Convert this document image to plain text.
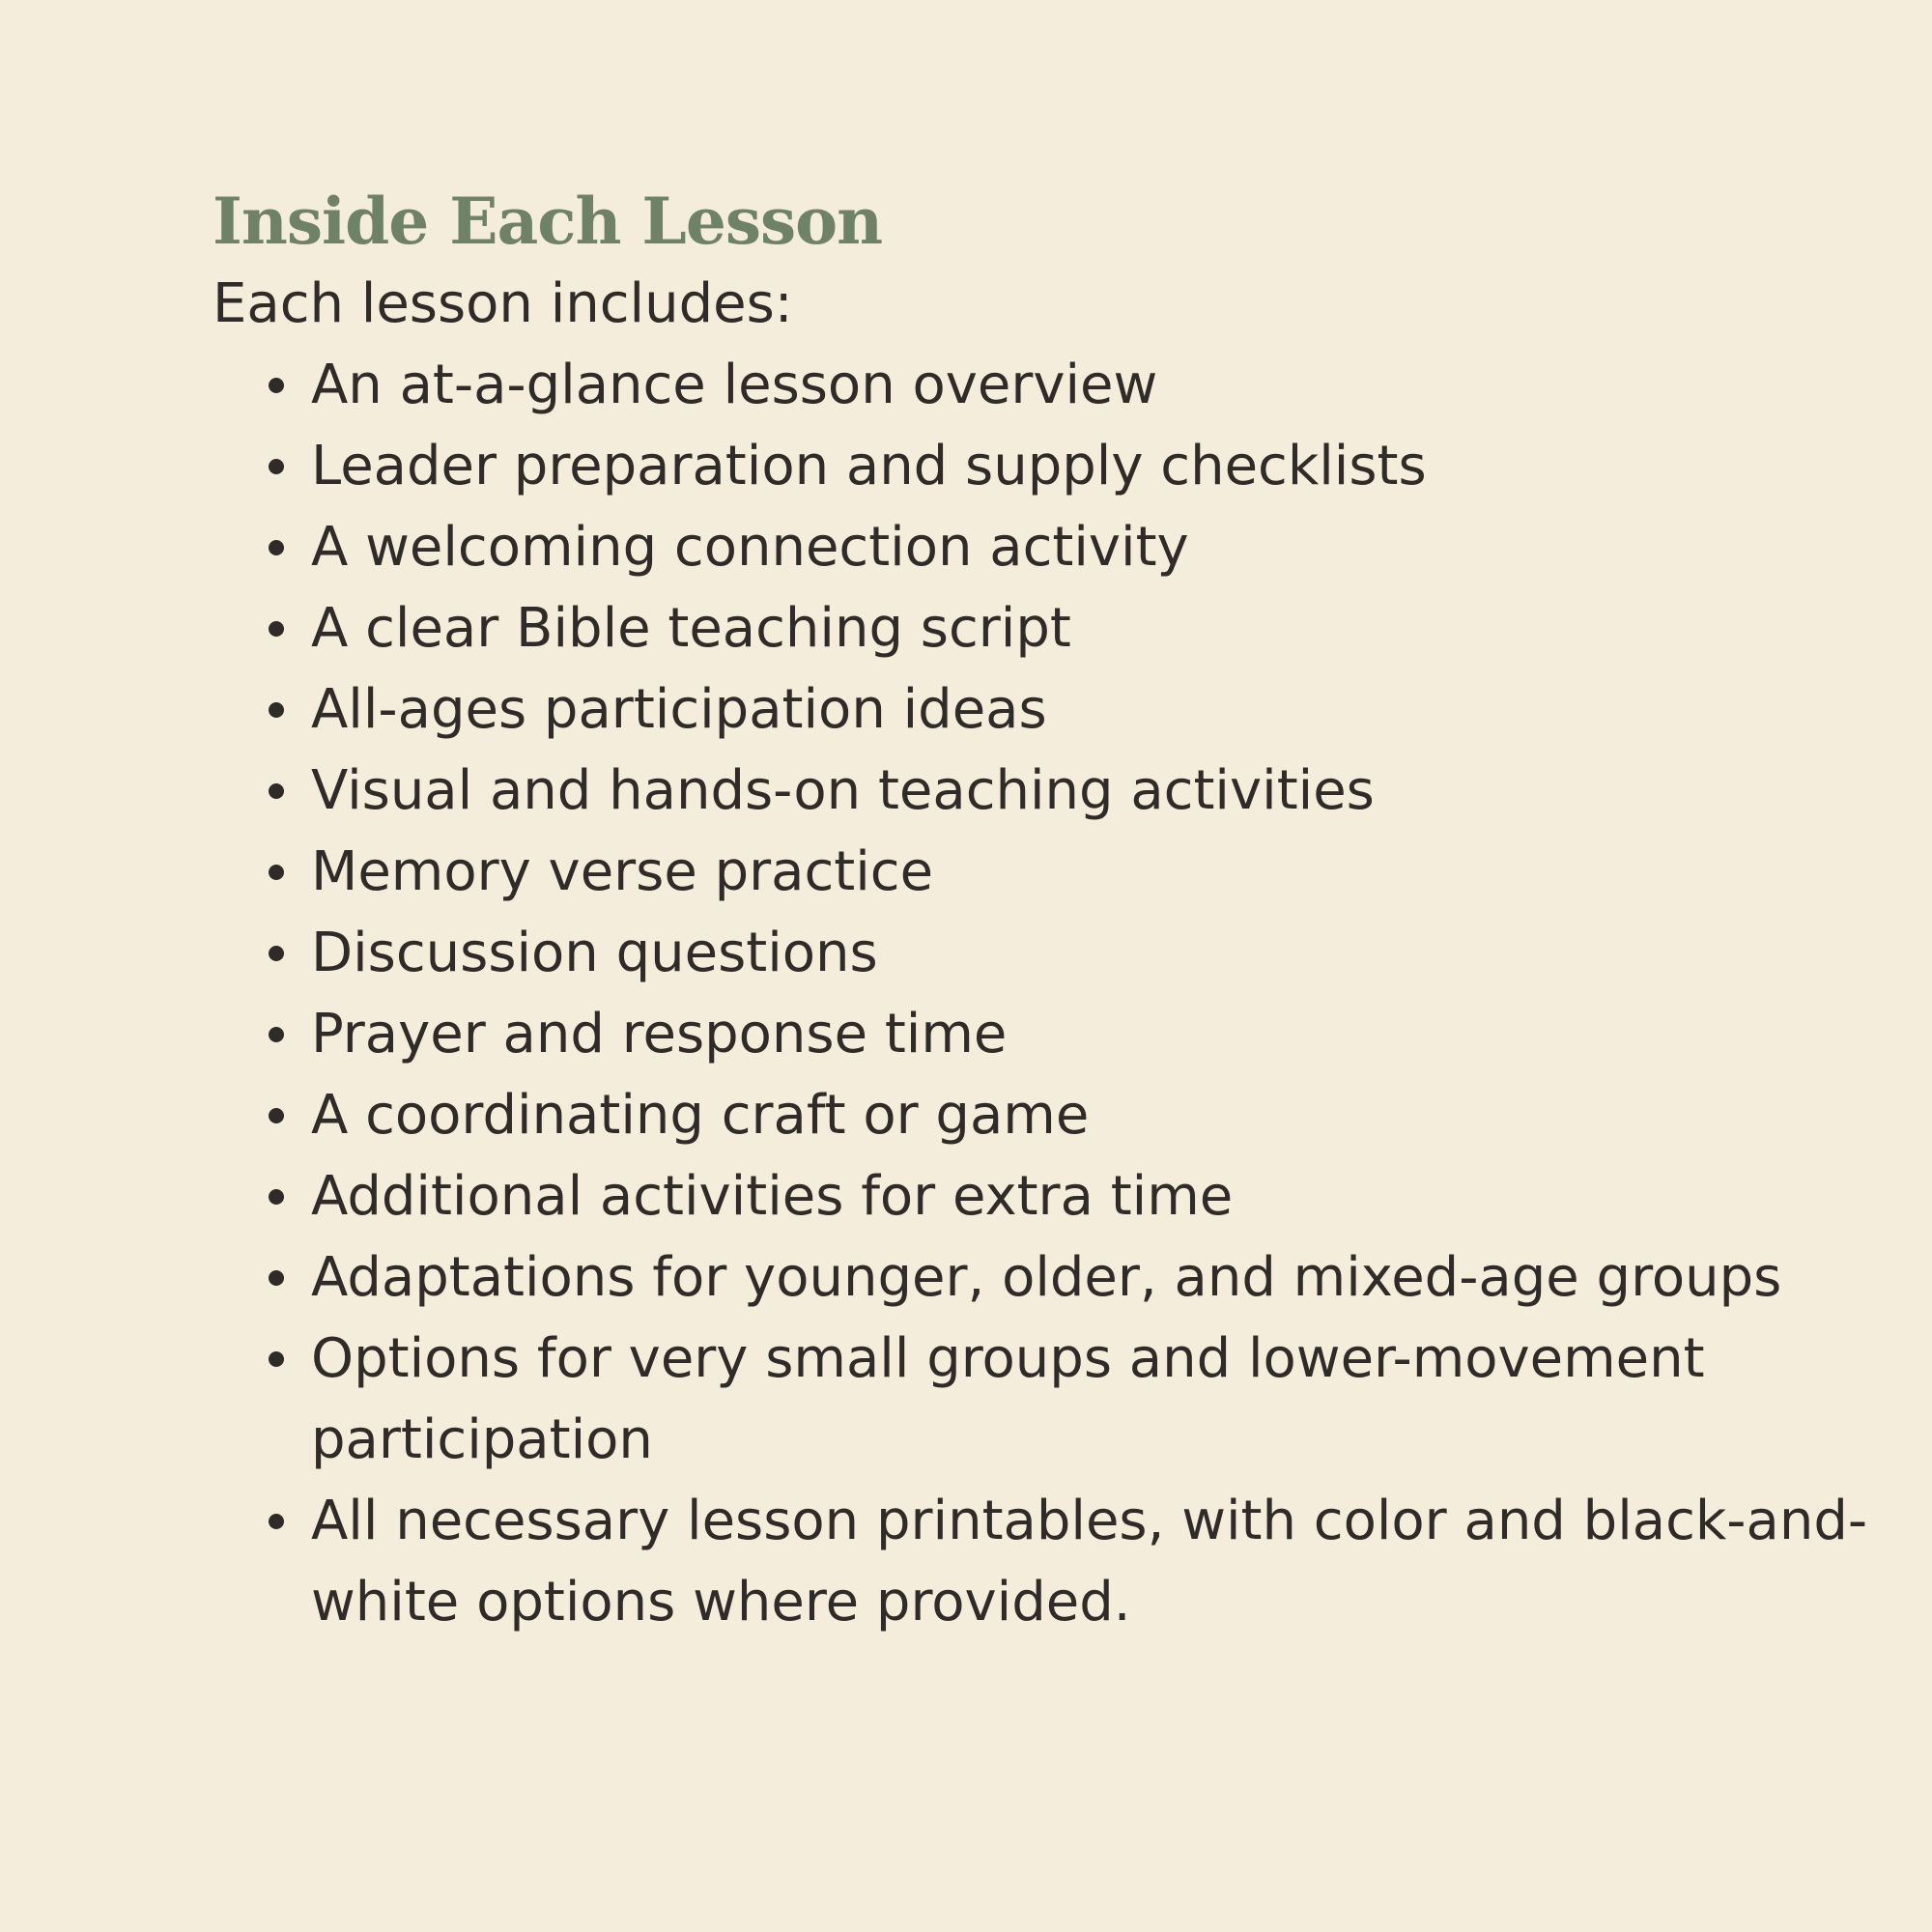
Inside Each Lesson

Each lesson includes:

An at-a-glance lesson overview
Leader preparation and supply checklists
A welcoming connection activity
A clear Bible teaching script
All-ages participation ideas
Visual and hands-on teaching activities
Memory verse practice
Discussion questions
Prayer and response time
A coordinating craft or game
Additional activities for extra time
Adaptations for younger, older, and mixed-age groups
Options for very small groups and lower-movement participation
All necessary lesson printables, with color and black-and-white options where provided.
